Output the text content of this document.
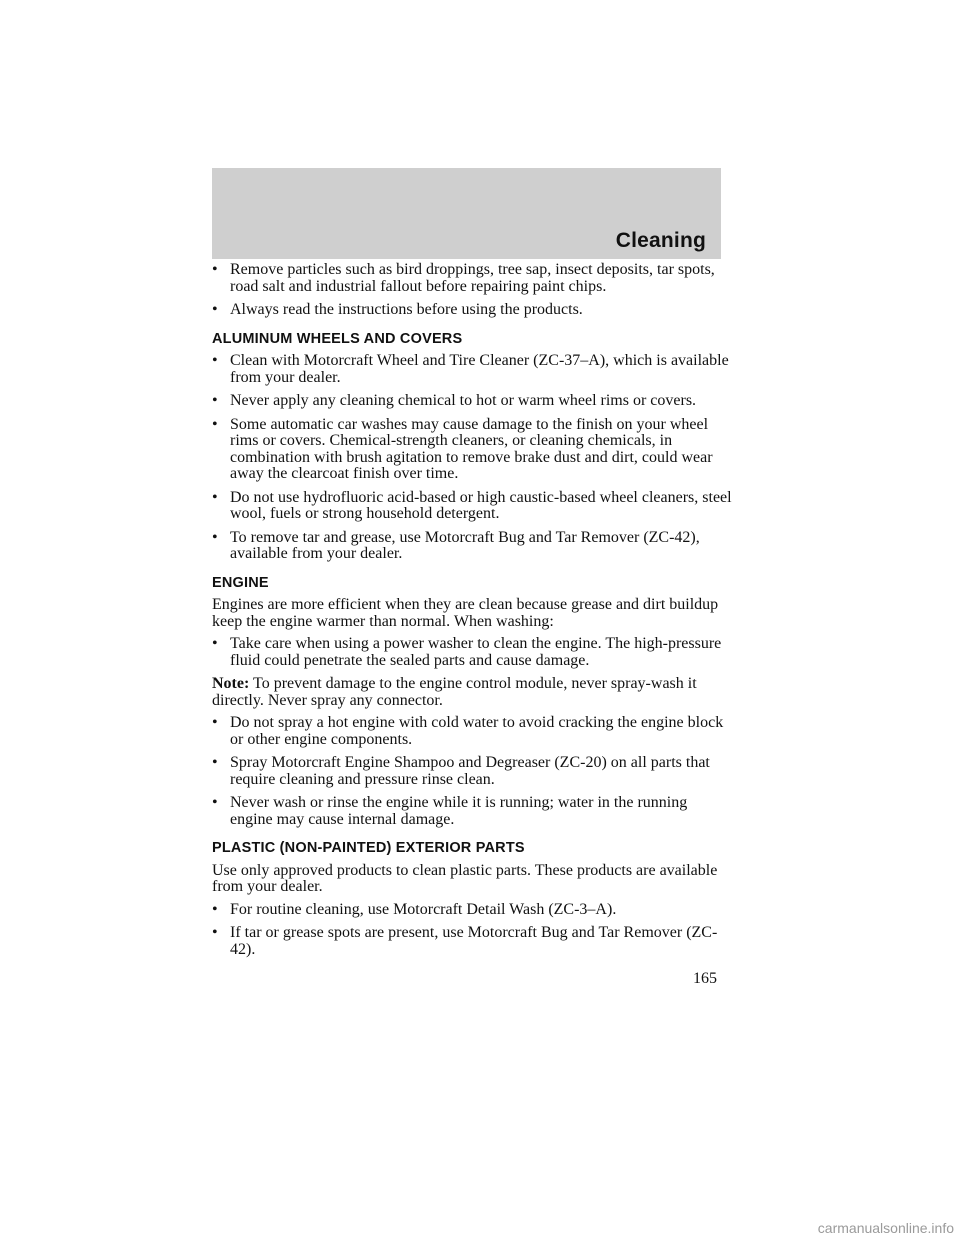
Cleaning
• Remove particles such as bird droppings, tree sap, insect deposits, tar spots, road salt and industrial fallout before repairing paint chips.
• Always read the instructions before using the products.
ALUMINUM WHEELS AND COVERS
• Clean with Motorcraft Wheel and Tire Cleaner (ZC-37–A), which is available from your dealer.
• Never apply any cleaning chemical to hot or warm wheel rims or covers.
• Some automatic car washes may cause damage to the finish on your wheel rims or covers. Chemical-strength cleaners, or cleaning chemicals, in combination with brush agitation to remove brake dust and dirt, could wear away the clearcoat finish over time.
• Do not use hydrofluoric acid-based or high caustic-based wheel cleaners, steel wool, fuels or strong household detergent.
• To remove tar and grease, use Motorcraft Bug and Tar Remover (ZC-42), available from your dealer.
ENGINE
Engines are more efficient when they are clean because grease and dirt buildup keep the engine warmer than normal. When washing:
• Take care when using a power washer to clean the engine. The high-pressure fluid could penetrate the sealed parts and cause damage.
Note: To prevent damage to the engine control module, never spray-wash it directly. Never spray any connector.
• Do not spray a hot engine with cold water to avoid cracking the engine block or other engine components.
• Spray Motorcraft Engine Shampoo and Degreaser (ZC-20) on all parts that require cleaning and pressure rinse clean.
• Never wash or rinse the engine while it is running; water in the running engine may cause internal damage.
PLASTIC (NON-PAINTED) EXTERIOR PARTS
Use only approved products to clean plastic parts. These products are available from your dealer.
• For routine cleaning, use Motorcraft Detail Wash (ZC-3–A).
• If tar or grease spots are present, use Motorcraft Bug and Tar Remover (ZC-42).
165
carmanualsonline.info
